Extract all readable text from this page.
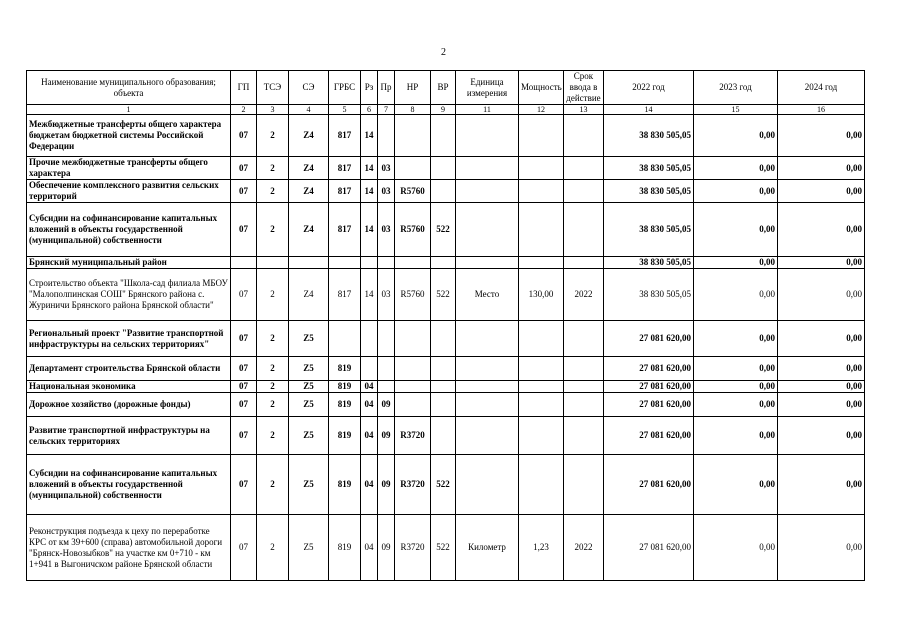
2
Наименование муниципального образования; объекта	ГП	ТСЭ	СЭ	ГРБС	Рз	Пр	НР	ВР	Единица измерения	Мощность	Срок ввода в действие	2022 год	2023 год	2024 год
1	2	3	4	5	6	7	8	9	11	12	13	14	15	16
Межбюджетные трансферты общего характера бюджетам бюджетной системы Российской Федерации	07	2	Z4	817	14							38 830 505,05	0,00	0,00
Прочие межбюджетные трансферты общего характера	07	2	Z4	817	14	03						38 830 505,05	0,00	0,00
Обеспечение комплексного развития сельских территорий	07	2	Z4	817	14	03	R5760					38 830 505,05	0,00	0,00
Субсидии на софинансирование капитальных вложений в объекты государственной (муниципальной) собственности	07	2	Z4	817	14	03	R5760	522				38 830 505,05	0,00	0,00
Брянский муниципальный район												38 830 505,05	0,00	0,00
Строительство объекта "Школа-сад филиала МБОУ "Малополпинская СОШ" Брянского района с. Журиничи Брянского района Брянской области"	07	2	Z4	817	14	03	R5760	522	Место	130,00	2022	38 830 505,05	0,00	0,00
Региональный проект "Развитие транспортной инфраструктуры на сельских территориях"	07	2	Z5									27 081 620,00	0,00	0,00
Департамент строительства Брянской области	07	2	Z5	819								27 081 620,00	0,00	0,00
Национальная экономика	07	2	Z5	819	04							27 081 620,00	0,00	0,00
Дорожное хозяйство (дорожные фонды)	07	2	Z5	819	04	09						27 081 620,00	0,00	0,00
Развитие транспортной инфраструктуры на сельских территориях	07	2	Z5	819	04	09	R3720					27 081 620,00	0,00	0,00
Субсидии на софинансирование капитальных вложений в объекты государственной (муниципальной) собственности	07	2	Z5	819	04	09	R3720	522				27 081 620,00	0,00	0,00
Реконструкция подъезда к цеху по переработке КРС от км 39+600 (справа) автомобильной дороги "Брянск-Новозыбков" на участке км 0+710 - км 1+941 в Выгоничском районе Брянской области	07	2	Z5	819	04	09	R3720	522	Километр	1,23	2022	27 081 620,00	0,00	0,00
